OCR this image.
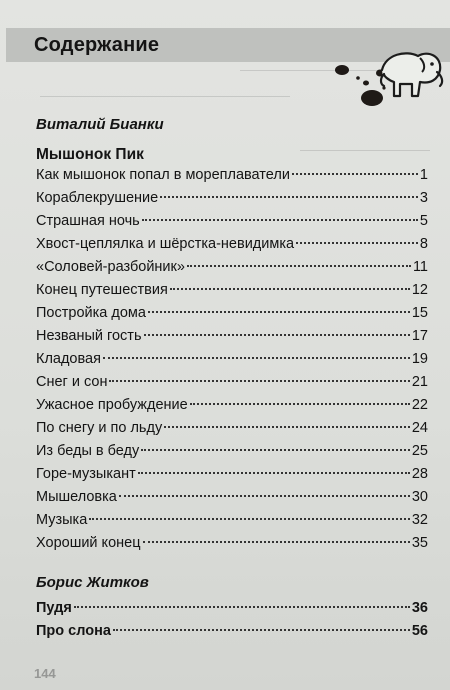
Содержание
Виталий Бианки
Мышонок Пик
Как мышонок попал в мореплаватели	1
Кораблекрушение	3
Страшная ночь	5
Хвост-цеплялка и шёрстка-невидимка	8
«Соловей-разбойник»	11
Конец путешествия	12
Постройка дома	15
Незваный гость	17
Кладовая	19
Снег и сон	21
Ужасное пробуждение	22
По снегу и по льду	24
Из беды в беду	25
Горе-музыкант	28
Мышеловка	30
Музыка	32
Хороший конец	35
Борис Житков
Пудя	36
Про слона	56
144
